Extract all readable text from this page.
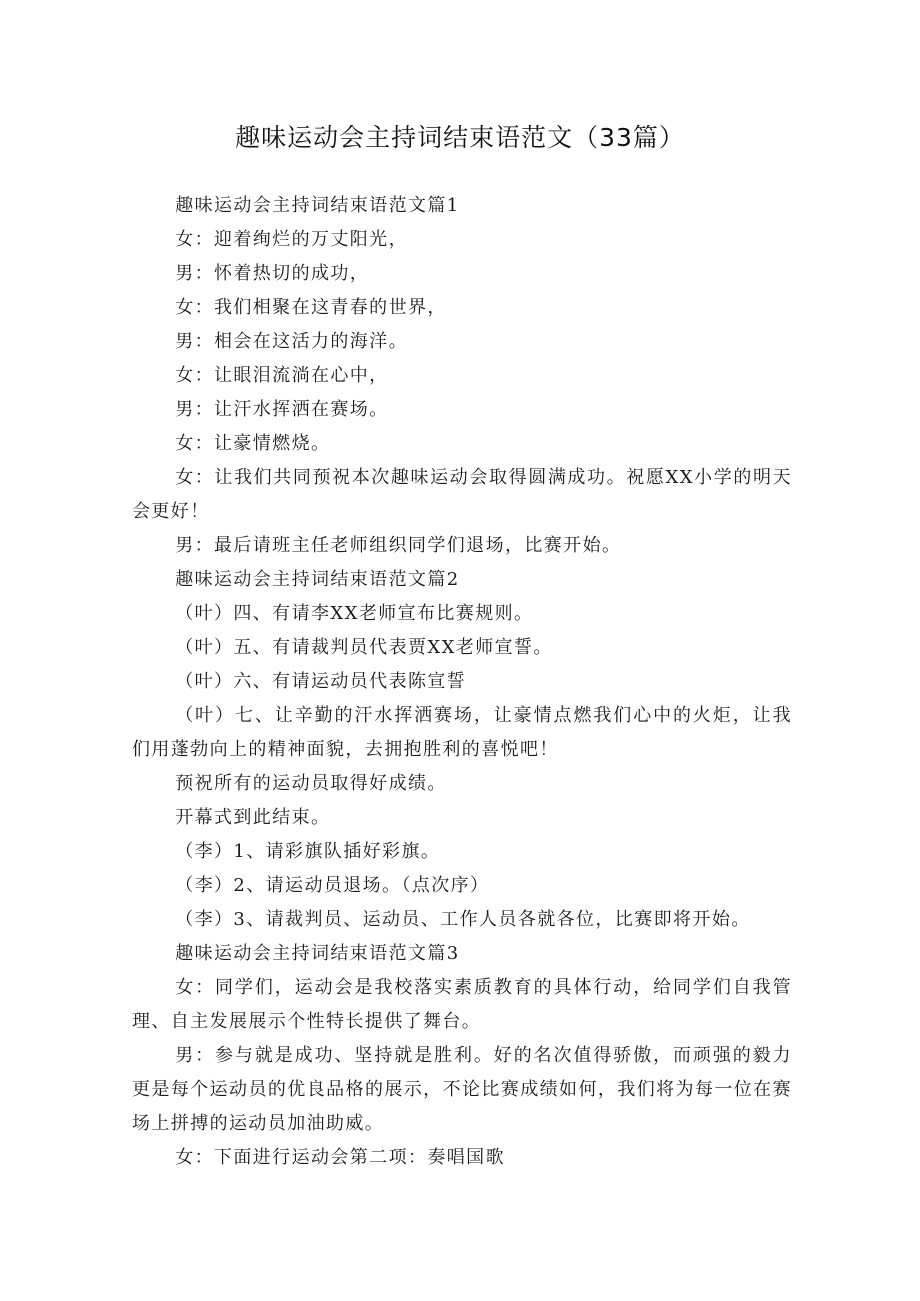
趣味运动会主持词结束语范文（33篇）

趣味运动会主持词结束语范文篇1

女：迎着绚烂的万丈阳光，

男：怀着热切的成功，

女：我们相聚在这青春的世界，

男：相会在这活力的海洋。

女：让眼泪流淌在心中，

男：让汗水挥洒在赛场。

女：让豪情燃烧。

女：让我们共同预祝本次趣味运动会取得圆满成功。祝愿XX小学的明天会更好！

男：最后请班主任老师组织同学们退场，比赛开始。

趣味运动会主持词结束语范文篇2

（叶）四、有请李XX老师宣布比赛规则。

（叶）五、有请裁判员代表贾XX老师宣誓。

（叶）六、有请运动员代表陈宣誓

（叶）七、让辛勤的汗水挥洒赛场，让豪情点燃我们心中的火炬，让我们用蓬勃向上的精神面貌，去拥抱胜利的喜悦吧！

预祝所有的运动员取得好成绩。

开幕式到此结束。

（李）1、请彩旗队插好彩旗。

（李）2、请运动员退场。（点次序）

（李）3、请裁判员、运动员、工作人员各就各位，比赛即将开始。

趣味运动会主持词结束语范文篇3

女：同学们，运动会是我校落实素质教育的具体行动，给同学们自我管理、自主发展展示个性特长提供了舞台。

男：参与就是成功、坚持就是胜利。好的名次值得骄傲，而顽强的毅力更是每个运动员的优良品格的展示，不论比赛成绩如何，我们将为每一位在赛场上拼搏的运动员加油助威。

女：下面进行运动会第二项：奏唱国歌
